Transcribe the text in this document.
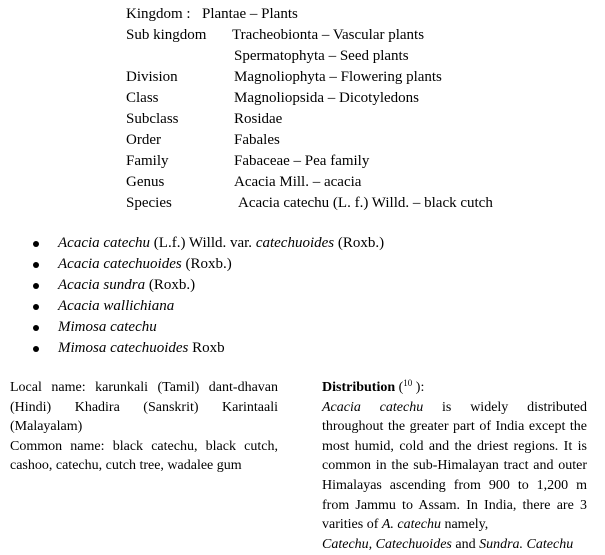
Kingdom : Plantae – Plants
Sub kingdom Tracheobionta – Vascular plants
Spermatophyta – Seed plants
Division	Magnoliophyta – Flowering plants
Class	Magnoliopsida – Dicotyledons
Subclass	Rosidae
Order	Fabales
Family	Fabaceae – Pea family
Genus	Acacia Mill. – acacia
Species	Acacia catechu (L. f.) Willd. – black cutch
Acacia catechu (L.f.) Willd. var. catechuoides (Roxb.)
Acacia catechuoides (Roxb.)
Acacia sundra (Roxb.)
Acacia wallichiana
Mimosa catechu
Mimosa catechuoides Roxb

Local name: karunkali (Tamil) dant-dhavan (Hindi) Khadira (Sanskrit) Karintaali (Malayalam)

Common name: black catechu, black cutch, cashoo, catechu, cutch tree, wadalee gum

Distribution ($^{10}$ ):

Acacia catechu is widely distributed throughout the greater part of India except the most humid, cold and the driest regions. It is common in the sub-Himalayan tract and outer Himalayas ascending from 900 to 1,200 m from Jammu to Assam. In India, there are 3 varities of A. catechu namely,

Catechu, Catechuoides and Sundra. Catechu
